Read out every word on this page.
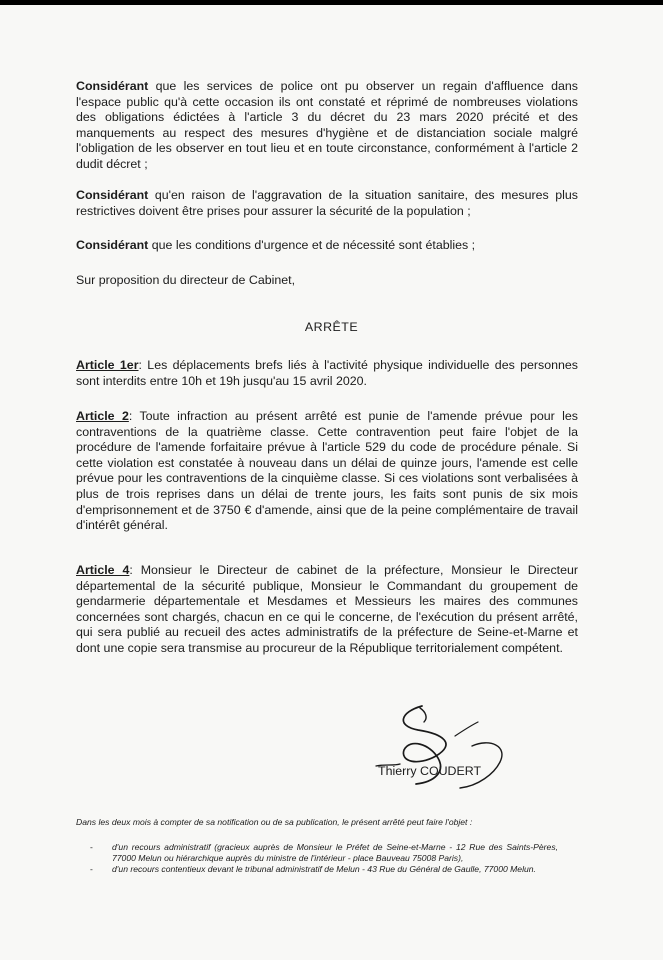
Considérant que les services de police ont pu observer un regain d'affluence dans l'espace public qu'à cette occasion ils ont constaté et réprimé de nombreuses violations des obligations édictées à l'article 3 du décret du 23 mars 2020 précité et des manquements au respect des mesures d'hygiène et de distanciation sociale malgré l'obligation de les observer en tout lieu et en toute circonstance, conformément à l'article 2 dudit décret ;

Considérant qu'en raison de l'aggravation de la situation sanitaire, des mesures plus restrictives doivent être prises pour assurer la sécurité de la population ;

Considérant que les conditions d'urgence et de nécessité sont établies ;

Sur proposition du directeur de Cabinet,

ARRÊTE

Article 1er: Les déplacements brefs liés à l'activité physique individuelle des personnes sont interdits entre 10h et 19h jusqu'au 15 avril 2020.

Article 2: Toute infraction au présent arrêté est punie de l'amende prévue pour les contraventions de la quatrième classe. Cette contravention peut faire l'objet de la procédure de l'amende forfaitaire prévue à l'article 529 du code de procédure pénale. Si cette violation est constatée à nouveau dans un délai de quinze jours, l'amende est celle prévue pour les contraventions de la cinquième classe. Si ces violations sont verbalisées à plus de trois reprises dans un délai de trente jours, les faits sont punis de six mois d'emprisonnement et de 3750 € d'amende, ainsi que de la peine complémentaire de travail d'intérêt général.

Article 4: Monsieur le Directeur de cabinet de la préfecture, Monsieur le Directeur départemental de la sécurité publique, Monsieur le Commandant du groupement de gendarmerie départementale et Mesdames et Messieurs les maires des communes concernées sont chargés, chacun en ce qui le concerne, de l'exécution du présent arrêté, qui sera publié au recueil des actes administratifs de la préfecture de Seine-et-Marne et dont une copie sera transmise au procureur de la République territorialement compétent.

Thierry COUDERT
Dans les deux mois à compter de sa notification ou de sa publication, le présent arrêté peut faire l'objet :
- d'un recours administratif (gracieux auprès de Monsieur le Préfet de Seine-et-Marne - 12 Rue des Saints-Pères, 77000 Melun ou hiérarchique auprès du ministre de l'intérieur - place Bauveau 75008 Paris),
- d'un recours contentieux devant le tribunal administratif de Melun - 43 Rue du Général de Gaulle, 77000 Melun.
